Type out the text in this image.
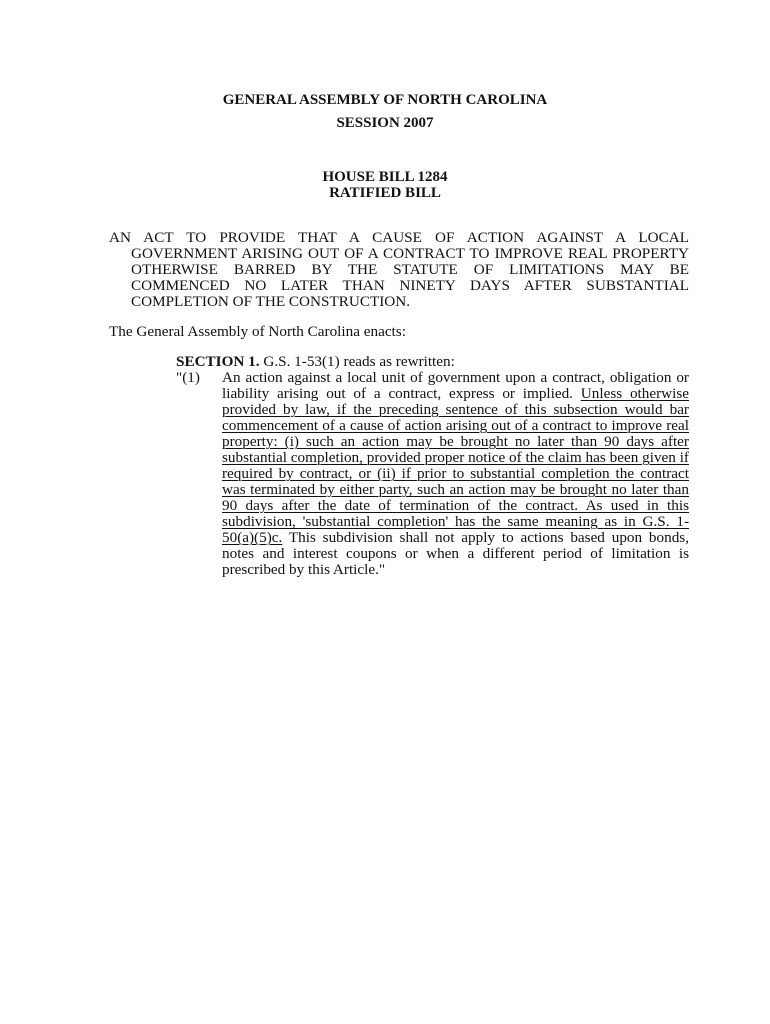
GENERAL ASSEMBLY OF NORTH CAROLINA
SESSION 2007
HOUSE BILL 1284
RATIFIED BILL
AN ACT TO PROVIDE THAT A CAUSE OF ACTION AGAINST A LOCAL GOVERNMENT ARISING OUT OF A CONTRACT TO IMPROVE REAL PROPERTY OTHERWISE BARRED BY THE STATUTE OF LIMITATIONS MAY BE COMMENCED NO LATER THAN NINETY DAYS AFTER SUBSTANTIAL COMPLETION OF THE CONSTRUCTION.
The General Assembly of North Carolina enacts:
SECTION 1. G.S. 1-53(1) reads as rewritten:
"(1) An action against a local unit of government upon a contract, obligation or liability arising out of a contract, express or implied. Unless otherwise provided by law, if the preceding sentence of this subsection would bar commencement of a cause of action arising out of a contract to improve real property: (i) such an action may be brought no later than 90 days after substantial completion, provided proper notice of the claim has been given if required by contract, or (ii) if prior to substantial completion the contract was terminated by either party, such an action may be brought no later than 90 days after the date of termination of the contract. As used in this subdivision, 'substantial completion' has the same meaning as in G.S. 1-50(a)(5)c. This subdivision shall not apply to actions based upon bonds, notes and interest coupons or when a different period of limitation is prescribed by this Article."
